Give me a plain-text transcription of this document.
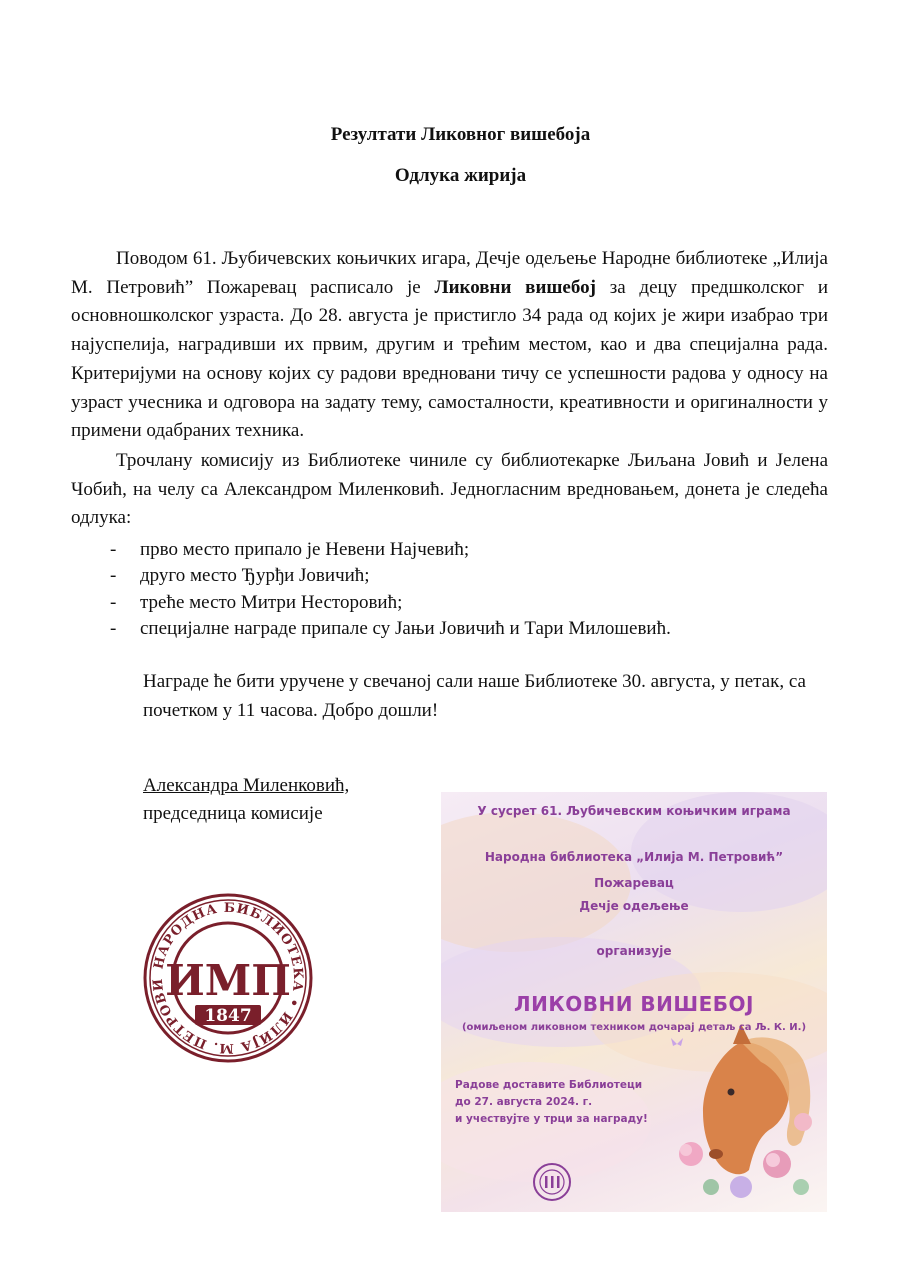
Резултати Ликовног вишебоја
Одлука жирија

Поводом 61. Љубичевских коњичких игара, Дечје одељење Народне библиотеке „Илија М. Петровић” Пожаревац расписало је Ликовни вишебој за децу предшколског и основношколског узраста. До 28. августа је пристигло 34 рада од којих је жири изабрао три најуспелија, наградивши их првим, другим и трећим местом, као и два специјална рада. Критеријуми на основу којих су радови вредновани тичу се успешности радова у односу на узраст учесника и одговора на задату тему, самосталности, креативности и оригиналности у примени одабраних техника.

Трочлану комисију из Библиотеке чиниле су библиотекарке Љиљана Јовић и Јелена Чобић, на челу са Александром Миленковић. Једногласним вредновањем, донета је следећа одлука:

- прво место припало је Невени Најчевић;
- друго место Ђурђи Јовичић;
- треће место Митри Несторовић;
- специјалне награде припале су Јањи Јовичић и Тари Милошевић.

Награде ће бити уручене у свечаној сали наше Библиотеке 30. августа, у петак, са почетком у 11 часова. Добро дошли!

Александра Миленковић,
председница комисије
НАРОДНА БИБЛИОТЕКА • ИЛИЈА М. ПЕТРОВИ
ИМП
1847
У сусрет 61. Љубичевским коњичким играма
Народна библиотека „Илија М. Петровић”
Пожаревац
Дечје одељење
организује
ЛИКОВНИ ВИШЕБОЈ
(омиљеном ликовном техником дочарај детаљ са Љ. К. И.)
Радове доставите Библиотеци
до 27. августа 2024. г.
и учествујте у трци за награду!
